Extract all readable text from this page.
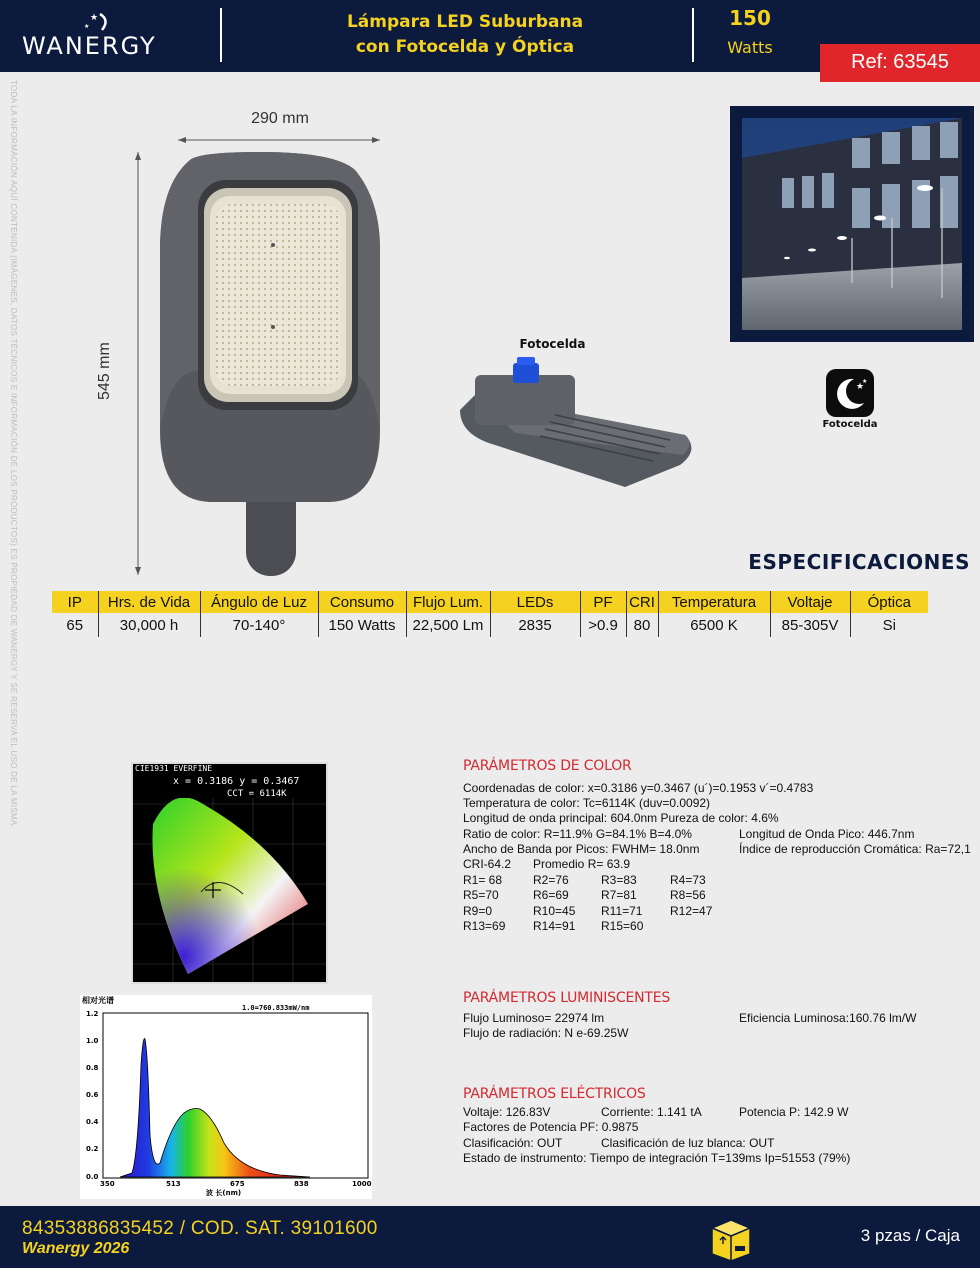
★
★
WANERGY
Lámpara LED Suburbana
con Fotocelda y Óptica
150
Watts
Ref: 63545
TODA LA INFORMACIÓN AQUÍ CONTENIDA (IMÁGENES, DATOS TÉCNICOS E INFORMACIÓN DE LOS PRODUCTOS) ES PROPIEDAD DE WANERGY Y SE RESERVA EL USO DE LA MISMA.	290 mm
545 mm	Fotocelda
★
★
Fotocelda
ESPECIFICACIONES
IP	Hrs. de Vida	Ángulo de Luz	Consumo	Flujo Lum.	LEDs	PF	CRI	Temperatura	Voltaje	Óptica
65	30,000 h	70-140°	150 Watts	22,500 Lm	2835	>0.9	80	6500 K	85-305V	Si
CIE1931 EVERFINE
x = 0.3186 y = 0.3467
CCT = 6114K
相对光谱
1.0=760.833mW/nm
1.2
1.0
0.8
0.6
0.4
0.2
0.0
350	513	675	838	1000
波 长(nm)
PARÁMETROS DE COLOR
Coordenadas de color: x=0.3186 y=0.3467 (u´)=0.1953 v´=0.4783
Temperatura de color: Tc=6114K (duv=0.0092)
Longitud de onda principal: 604.0nm Pureza de color: 4.6%
Ratio de color: R=11.9% G=84.1% B=4.0%	Longitud de Onda Pico: 446.7nm
Ancho de Banda por Picos: FWHM= 18.0nm	Índice de reproducción Cromática: Ra=72,1
CRI-64.2 Promedio R= 63.9
R1= 68	R2=76	R3=83	R4=73
R5=70	R6=69	R7=81	R8=56
R9=0	R10=45 R11=71 R12=47
R13=69 R14=91 R15=60
PARÁMETROS LUMINISCENTES
Flujo Luminoso= 22974 lm	Eficiencia Luminosa:160.76 lm/W
Flujo de radiación: N e-69.25W
PARÁMETROS ELÉCTRICOS
Voltaje: 126.83V	Corriente: 1.141 tA	Potencia P: 142.9 W
Factores de Potencia PF: 0.9875
Clasificación: OUT	Clasificación de luz blanca: OUT
Estado de instrumento: Tiempo de integración T=139ms Ip=51553 (79%)
84353886835452 / COD. SAT. 39101600
Wanergy 2026
3 pzas / Caja
